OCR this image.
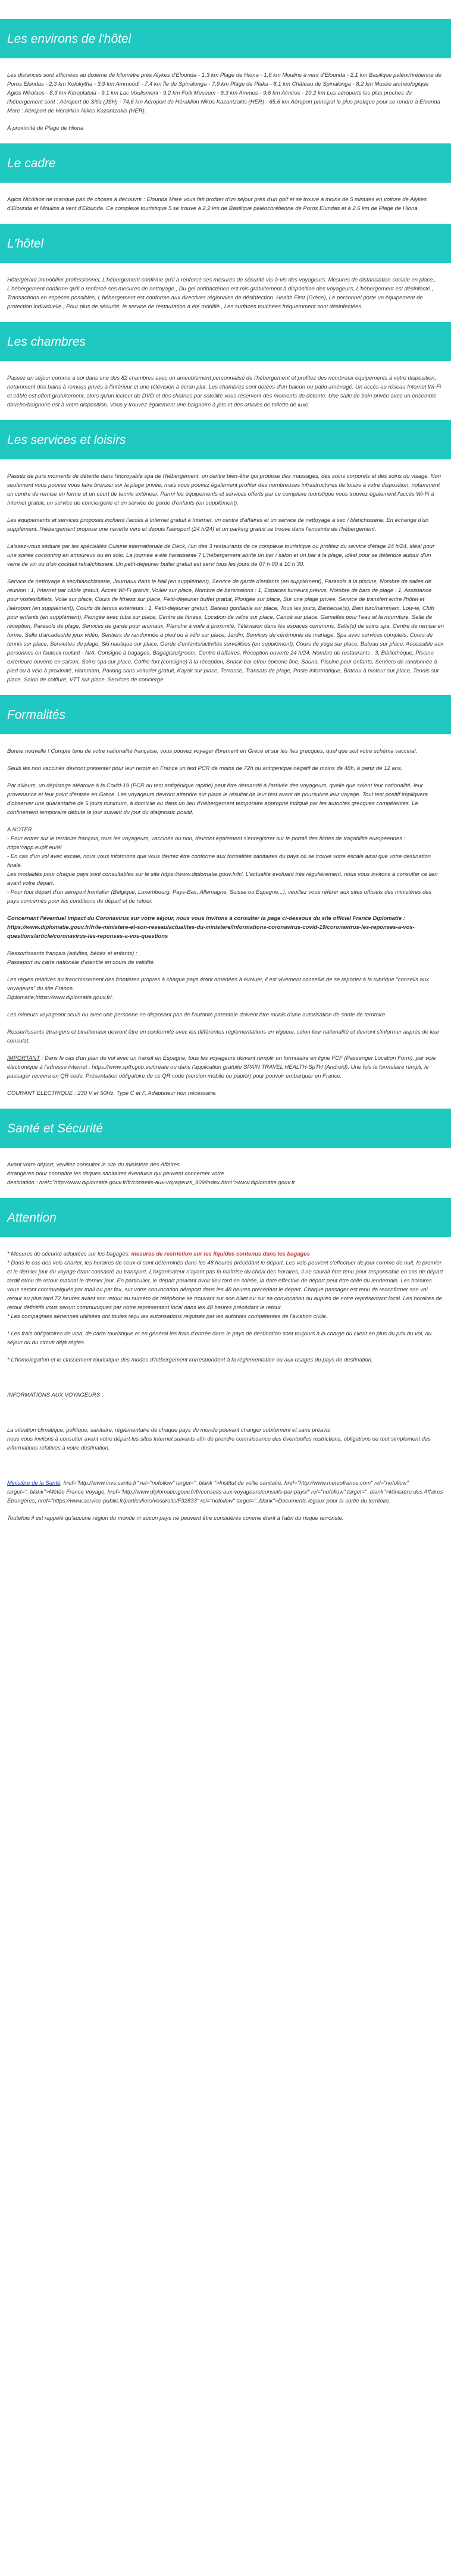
Les environs de l'hôtel

Les distances sont affichées au dixième de kilomètre près Alykes d'Elounda - 1,3 km Plage de Hiona - 1,6 km Moulins à vent d'Elounda - 2,1 km Basilique paléochrétienne de Poros Elundas - 2,3 km Kolokytha - 3,9 km Ammoúdi - 7,4 km Île de Spinalonga - 7,9 km Plage de Plaka - 8,1 km Château de Spinalonga - 8,2 km Musée archéologique Agios Nikolaos - 8,3 km Kitroplateia - 9,1 km Lac Voulismeni - 9,2 km Folk Museum - 9,3 km Ammos - 9,6 km Almiros - 10,2 km Les aéroports les plus proches de l'hébergement sont : Aéroport de Sitia (JSH) - 74,6 km Aéroport de Héraklion Nikos Kazantzakis (HER) - 65,6 km Aéroport principal le plus pratique pour se rendre à Elounda Mare : Aéroport de Héraklion Nikos Kazantzakis (HER).

À proximité de Plage de Hiona

Le cadre

Agios Nicólaos ne manque pas de choses à découvrir : Elounda Mare vous fait profiter d'un séjour près d'un golf et se trouve à moins de 5 minutes en voiture de Alykes d'Elounda et Moulins à vent d'Elounda. Ce complexe touristique 5 se trouve à 2,2 km de Basilique paléochrétienne de Poros Elundas et à 2,6 km de Plage de Hiona.

L'hôtel

Hôte/gérant immobilier professionnel, L'hébergement confirme qu'il a renforcé ses mesures de sécurité vis-à-vis des voyageurs. Mesures de distanciation sociale en place., L'hébergement confirme qu'il a renforcé ses mesures de nettoyage., Du gel antibactérien est mis gratuitement à disposition des voyageurs, L'hébergement est désinfecté., Transactions en espèces possibles, L'hébergement est conforme aux directives régionales de désinfection. Health First (Grèce), Le personnel porte un équipement de protection individuelle., Pour plus de sécurité, le service de restauration a été modifié., Les surfaces touchées fréquemment sont désinfectées.

Les chambres

Passez un séjour comme à soi dans une des 82 chambres avec un ameublement personnalisé de l'hébergement et profitez des nombreux équipements à votre disposition, notamment des bains à remous privés à l'intérieur et une télévision à écran plat. Les chambres sont dotées d'un balcon ou patio aménagé. Un accès au réseau Internet Wi-Fi et câblé est offert gratuitement, alors qu'un lecteur de DVD et des chaînes par satellite vous réservent des moments de détente. Une salle de bain privée avec un ensemble douche/baignoire est à votre disposition. Vous y trouvez également une baignoire à jets et des articles de toilette de luxe.

Les services et loisirs

Passez de purs moments de détente dans l'incroyable spa de l'hébergement, un centre bien-être qui propose des massages, des soins corporels et des soins du visage. Non seulement vous pouvez vous faire bronzer sur la plage privée, mais vous pouvez également profiter des nombreuses infrastructures de loisirs à votre disposition, notamment un centre de remise en forme et un court de tennis extérieur. Parmi les équipements et services offerts par ce complexe touristique vous trouvez également l'accès Wi-Fi à Internet gratuit, un service de conciergerie et un service de garde d'enfants (en supplément).

Les équipements et services proposés incluent l'accès à Internet gratuit à Internet, un centre d'affaires et un service de nettoyage à sec / blanchisserie. En échange d'un supplément, l'hébergement propose une navette vers et depuis l'aéroport (24 h/24) et un parking gratuit se trouve dans l'enceinte de l'hébergement.

Laissez-vous séduire par les spécialités Cuisine internationale de Deck, l'un des 3 restaurants de ce complexe touristique ou profitez du service d'étage 24 h/24, idéal pour une soirée cocooning en amoureux ou en solo. La journée a été harassante ? L'hébergement abrite un bar / salon et un bar à la plage, idéal pour se détendre autour d'un verre de vin ou d'un cocktail rafraîchissant. Un petit-déjeuner buffet gratuit est servi tous les jours de 07 h 00 à 10 h 30.

Service de nettoyage à sec/blanchisserie, Journaux dans le hall (en supplément), Service de garde d'enfants (en supplément), Parasols à la piscine, Nombre de salles de réunion : 1, Internet par câble gratuit, Accès Wi-Fi gratuit, Voilier sur place, Nombre de bars/salons : 1, Espaces fumeurs prévus, Nombre de bars de plage : 1, Assistance pour visites/billets, Voile sur place, Cours de fitness sur place, Petit-déjeuner buffet gratuit, Plongée sur place, Sur une plage privée, Service de transfert entre l'hôtel et l'aéroport (en supplément), Courts de tennis extérieurs : 1, Petit-déjeuner gratuit, Bateau gonflable sur place, Tous les jours, Barbecue(s), Bain turc/hammam, Low-ie, Club pour enfants (en supplément), Plongée avec tuba sur place, Centre de fitness, Location de vélos sur place, Canoë sur place, Gamelles pour l'eau et la nourriture, Salle de réception, Parasols de plage, Services de garde pour animaux, Planche à voile à proximité, Télévision dans les espaces communs, Salle(s) de soins spa, Centre de remise en forme, Salle d'arcades/de jeux vidéo, Sentiers de randonnée à pied ou à vélo sur place, Jardin, Services de cérémonie de mariage, Spa avec services complets, Cours de tennis sur place, Serviettes de plage, Ski nautique sur place, Garde d'enfants/activités surveillées (en supplément), Cours de yoga sur place, Bateau sur place, Accessible aux personnes en fauteuil roulant - N/A, Consigne à bagages, Bagagiste/groom, Centre d'affaires, Réception ouverte 24 h/24, Nombre de restaurants : 3, Bibliothèque, Piscine extérieure ouverte en saison, Soins spa sur place, Coffre-fort (consigne) à la réception, Snack-bar et/ou épicerie fine, Sauna, Piscine pour enfants, Sentiers de randonnée à pied ou à vélo à proximité, Hammam, Parking sans voiturier gratuit, Kayak sur place, Terrasse, Transats de plage, Poste informatique, Bateau à moteur sur place, Tennis sur place, Salon de coiffure, VTT sur place, Services de concierge

Formalités

Bonne nouvelle ! Compte tenu de votre nationalité française, vous pouvez voyager librement en Grèce et sur les îles grecques, quel que soit votre schéma vaccinal.

Seuls les non vaccinés devront présenter pour leur retour en France un test PCR de moins de 72h ou antigénique négatif de moins de 48h, à partir de 12 ans.

Par ailleurs, un dépistage aléatoire à la Covid-19 (PCR ou test antigénique rapide) peut être demandé à l'arrivée des voyageurs, quelle que soient leur nationalité, leur provenance et leur point d'entrée en Grèce. Les voyageurs devront attendre sur place le résultat de leur test avant de poursuivre leur voyage. Tout test positif impliquera d'observer une quarantaine de 5 jours minimum, à domicile ou dans un lieu d'hébergement temporaire approprié indiqué par les autorités grecques compétentes. Le confinement temporaire débute le jour suivant du jour du diagnostic positif.

A NOTER
- Pour entrer sur le territoire français, tous les voyageurs, vaccinés ou non, devront également s'enregistrer sur le portail des fiches de traçabilité européennes : https://app.euplf.eu/#/
- En cas d'un vol avec escale, nous vous informons que vous devrez être conforme aux formalités sanitaires du pays où se trouve votre escale ainsi que votre destination finale.
Les modalités pour chaque pays sont consultables sur le site https://www.diplomatie.gouv.fr/fr/. L'actualité évoluant très régulièrement, nous vous invitons à consulter ce lien avant votre départ.
- Pour tout départ d'un aéroport frontalier (Belgique, Luxembourg, Pays-Bas, Allemagne, Suisse ou Espagne...), veuillez vous référer aux sites officiels des ministères des pays concernés pour les conditions de départ et de retour.

Concernant l'éventuel impact du Coronavirus sur votre séjour, nous vous invitons à consulter la page ci-dessous du site officiel France Diplomatie :
https://www.diplomatie.gouv.fr/fr/le-ministere-et-son-reseau/actualites-du-ministere/informations-coronavirus-covid-19/coronavirus-les-reponses-a-vos-questions/article/coronavirus-les-reponses-a-vos-questions

Ressortissants français (adultes, bébés et enfants) :
Passeport ou carte nationale d'identité en cours de validité.

Les règles relatives au franchissement des frontières propres à chaque pays étant amenées à évoluer, il est vivement conseillé de se reporter à la rubrique "conseils aux voyageurs" du site France.
Diplomatie,https://www.diplomatie.gouv.fr/.

Les mineurs voyageant seuls ou avec une personne ne disposant pas de l'autorité parentale doivent être munis d'une autorisation de sortie de territoire.

Ressortissants étrangers et binationaux devront être en conformité avec les différentes réglementations en vigueur, selon leur nationalité et devront s'informer auprès de leur consulat.

IMPORTANT : Dans le cas d'un plan de vol avec un transit en Espagne, tous les voyageurs doivent remplir un formulaire en ligne FCF (Passenger Location Form), par voie électronique à l'adresse internet : https://www.spth.gob.es/create ou dans l'application gratuite SPAIN TRAVEL HEALTH-SpTH (Android). Une fois le formulaire rempli, le passager recevra un QR code. Présentation obligatoire de ce QR code (version mobile ou papier) pour pouvoir embarquer en France.

COURANT ELECTRIQUE : 230 V et 50Hz. Type C et F. Adaptateur non nécessaire.

Santé et Sécurité

Avant votre départ, veuillez consulter le site du ministère des Affaires
étrangères pour connaître les risques sanitaires éventuels qui peuvent concerner votre
destination : href="http://www.diplomatie.gouv.fr/fr/conseils-aux-voyageurs_909/index.html">www.diplomatie.gouv.fr

Attention

* Mesures de sécurité adoptées sur les bagages: mesures de restriction sur les liquides contenus dans les bagages
* Dans le cas des vols charter, les horaires de ceux-ci sont déterminés dans les 48 heures précédant le départ. Les vols peuvent s'effectuer de jour comme de nuit, le premier et le dernier jour du voyage étant consacré au transport. L'organisateur n'ayant pas la maîtrise du choix des horaires, il ne saurait être tenu pour responsable en cas de départ tardif et/ou de retour matinal le dernier jour. En particulier, le départ pouvant avoir lieu tard en soirée, la date effective de départ peut être celle du lendemain. Les horaires vous seront communiqués par mail ou par fax, sur votre convocation aéroport dans les 48 heures précédant le départ. Chaque passager est tenu de reconfirmer son vol retour au plus tard 72 heures avant son retour au numéro de téléphone se trouvant sur son billet ou sur sa convocation ou auprès de notre représentant local. Les horaires de retour définitifs vous seront communiqués par notre représentant local dans les 48 heures précédant le retour.
* Les compagnies aériennes utilisées ont toutes reçu les autorisations requises par les autorités compétentes de l'aviation civile.

* Les frais obligatoires de visa, de carte touristique et en général les frais d'entrée dans le pays de destination sont toujours à la charge du client en plus du prix du vol, du séjour ou du circuit déjà réglés.

* L'homologation et le classement touristique des modes d'hébergement correspondent à la réglementation ou aux usages du pays de destination.

INFORMATIONS AUX VOYAGEURS :

La situation climatique, politique, sanitaire, réglementaire de chaque pays du monde pouvant changer subitement et sans préavis
nous vous invitons à consulter avant votre départ les sites Internet suivants afin de prendre connaissance des éventuelles restrictions, obligations ou tout simplement des informations relatives à votre destination.

Ministère de la Santé, href="http://www.invs.sante.fr" rel="nofollow" target="_blank ">Institut de veille sanitaire, href="http://www.meteofrance.com" rel="nofollow" target="_blank">Météo France Voyage, href="http://www.diplomatie.gouv.fr/fr/conseils-aux-voyageurs/conseils-par-pays/" rel="nofollow" target="_blank">Ministère des Affaires Étrangères, href="https://www.service-public.fr/particuliers/vosdroits/F32833" rel="nofollow" target="_blank">Documents légaux pour la sortie du territoire.

Toutefois il est rappelé qu'aucune région du monde ni aucun pays ne peuvent être considérés comme étant à l'abri du risque terroriste.
